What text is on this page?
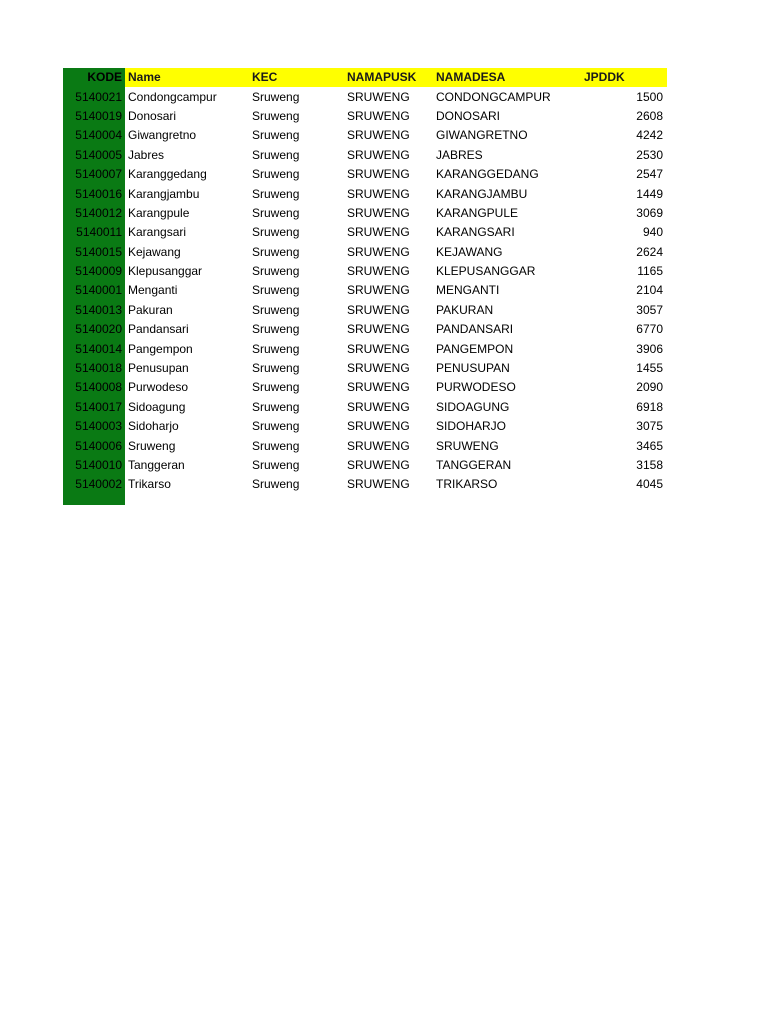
KODE	Name	KEC	NAMAPUSK	NAMADESA	JPDDK
5140021	Condongcampur	Sruweng	SRUWENG	CONDONGCAMPUR	1500
5140019	Donosari	Sruweng	SRUWENG	DONOSARI	2608
5140004	Giwangretno	Sruweng	SRUWENG	GIWANGRETNO	4242
5140005	Jabres	Sruweng	SRUWENG	JABRES	2530
5140007	Karanggedang	Sruweng	SRUWENG	KARANGGEDANG	2547
5140016	Karangjambu	Sruweng	SRUWENG	KARANGJAMBU	1449
5140012	Karangpule	Sruweng	SRUWENG	KARANGPULE	3069
5140011	Karangsari	Sruweng	SRUWENG	KARANGSARI	940
5140015	Kejawang	Sruweng	SRUWENG	KEJAWANG	2624
5140009	Klepusanggar	Sruweng	SRUWENG	KLEPUSANGGAR	1165
5140001	Menganti	Sruweng	SRUWENG	MENGANTI	2104
5140013	Pakuran	Sruweng	SRUWENG	PAKURAN	3057
5140020	Pandansari	Sruweng	SRUWENG	PANDANSARI	6770
5140014	Pangempon	Sruweng	SRUWENG	PANGEMPON	3906
5140018	Penusupan	Sruweng	SRUWENG	PENUSUPAN	1455
5140008	Purwodeso	Sruweng	SRUWENG	PURWODESO	2090
5140017	Sidoagung	Sruweng	SRUWENG	SIDOAGUNG	6918
5140003	Sidoharjo	Sruweng	SRUWENG	SIDOHARJO	3075
5140006	Sruweng	Sruweng	SRUWENG	SRUWENG	3465
5140010	Tanggeran	Sruweng	SRUWENG	TANGGERAN	3158
5140002	Trikarso	Sruweng	SRUWENG	TRIKARSO	4045
